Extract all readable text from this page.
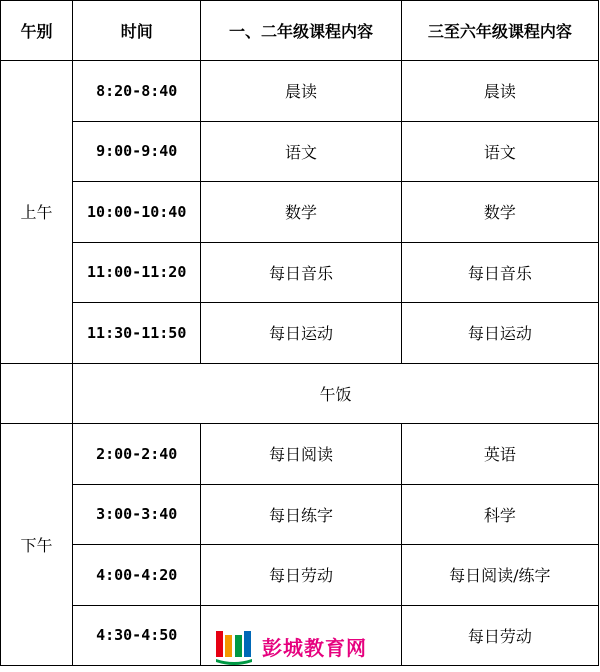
午别	时间	一、二年级课程内容	三至六年级课程内容
上午	8:20-8:40	晨读	晨读
	9:00-9:40	语文	语文
	10:00-10:40	数学	数学
	11:00-11:20	每日音乐	每日音乐
	11:30-11:50	每日运动	每日运动
	午饭		
下午	2:00-2:40	每日阅读	英语
	3:00-3:40	每日练字	科学
	4:00-4:20	每日劳动	每日阅读/练字
	4:30-4:50		每日劳动
彭城教育网
